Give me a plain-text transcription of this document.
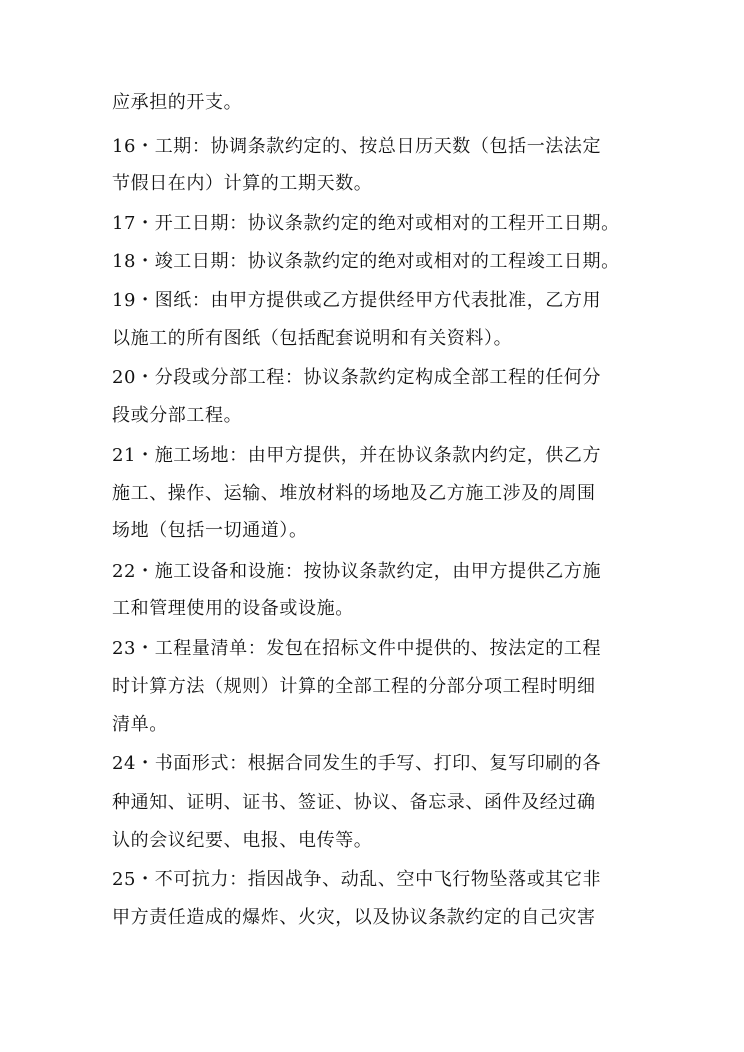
应承担的开支。
16・工期：协调条款约定的、按总日历天数（包括一法法定
节假日在内）计算的工期天数。
17・开工日期：协议条款约定的绝对或相对的工程开工日期。
18・竣工日期：协议条款约定的绝对或相对的工程竣工日期。
19・图纸：由甲方提供或乙方提供经甲方代表批准，乙方用
以施工的所有图纸（包括配套说明和有关资料）。
20・分段或分部工程：协议条款约定构成全部工程的任何分
段或分部工程。
21・施工场地：由甲方提供，并在协议条款内约定，供乙方
施工、操作、运输、堆放材料的场地及乙方施工涉及的周围
场地（包括一切通道）。
22・施工设备和设施：按协议条款约定，由甲方提供乙方施
工和管理使用的设备或设施。
23・工程量清单：发包在招标文件中提供的、按法定的工程
时计算方法（规则）计算的全部工程的分部分项工程时明细
清单。
24・书面形式：根据合同发生的手写、打印、复写印刷的各
种通知、证明、证书、签证、协议、备忘录、函件及经过确
认的会议纪要、电报、电传等。
25・不可抗力：指因战争、动乱、空中飞行物坠落或其它非
甲方责任造成的爆炸、火灾，以及协议条款约定的自己灾害
